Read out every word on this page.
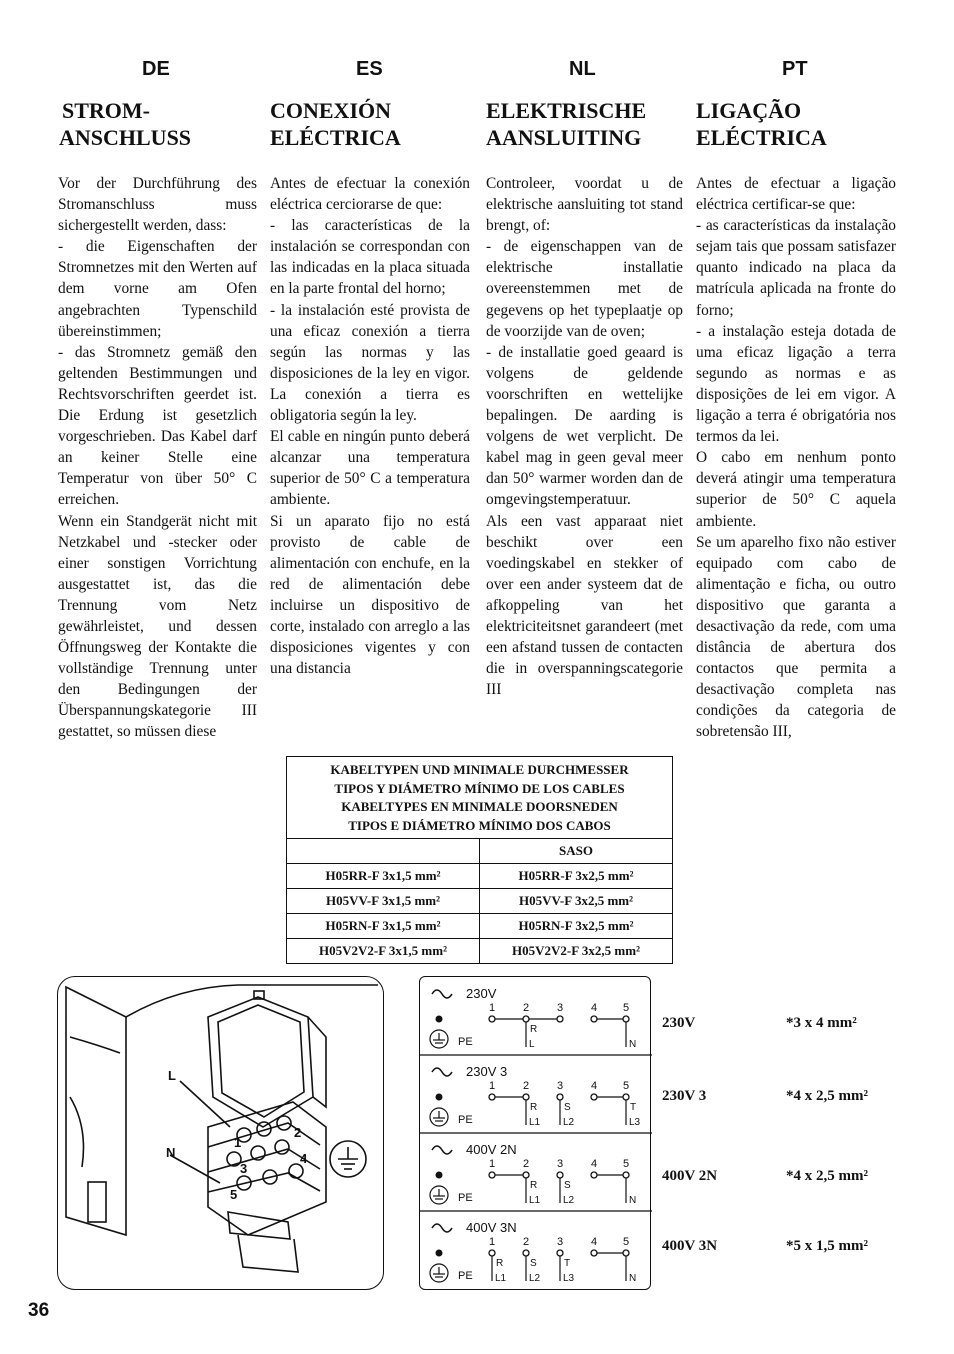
DE	ES	NL	PT
STROM-
ANSCHLUSS
CONEXIÓN
ELÉCTRICA
ELEKTRISCHE
AANSLUITING
LIGAÇÃO
ELÉCTRICA

Vor der Durchführung des Stromanschluss muss sichergestellt werden, dass:

- die Eigenschaften der Stromnetzes mit den Werten auf dem vorne am Ofen angebrachten Typenschild übereinstimmen;

- das Stromnetz gemäß den geltenden Bestimmungen und Rechtsvorschriften geerdet ist. Die Erdung ist gesetzlich vorgeschrieben. Das Kabel darf an keiner Stelle eine Temperatur von über 50° C erreichen.

Wenn ein Standgerät nicht mit Netzkabel und -stecker oder einer sonstigen Vorrichtung ausgestattet ist, das die Trennung vom Netz gewährleistet, und dessen Öffnungsweg der Kontakte die vollständige Trennung unter den Bedingungen der Überspannungskategorie III gestattet, so müssen diese

Antes de efectuar la conexión eléctrica cerciorarse de que:

- las características de la instalación se correspondan con las indicadas en la placa situada en la parte frontal del horno;

- la instalación esté provista de una eficaz conexión a tierra según las normas y las disposiciones de la ley en vigor. La conexión a tierra es obligatoria según la ley.

El cable en ningún punto deberá alcanzar una temperatura superior de 50° C a temperatura ambiente.

Si un aparato fijo no está provisto de cable de alimentación con enchufe, en la red de alimentación debe incluirse un dispositivo de corte, instalado con arreglo a las disposiciones vigentes y con una distancia

Controleer, voordat u de elektrische aansluiting tot stand brengt, of:

- de eigenschappen van de elektrische installatie overeenstemmen met de gegevens op het typeplaatje op de voorzijde van de oven;

- de installatie goed geaard is volgens de geldende voorschriften en wettelijke bepalingen. De aarding is volgens de wet verplicht. De kabel mag in geen geval meer dan 50° warmer worden dan de omgevingstemperatuur.

Als een vast apparaat niet beschikt over een voedingskabel en stekker of over een ander systeem dat de afkoppeling van het elektriciteitsnet garandeert (met een afstand tussen de contacten die in overspanningscategorie III

Antes de efectuar a ligação eléctrica certificar-se que:

- as características da instalação sejam tais que possam satisfazer quanto indicado na placa da matrícula aplicada na fronte do forno;

- a instalação esteja dotada de uma eficaz ligação a terra segundo as normas e as disposições de lei em vigor. A ligação a terra é obrigatória nos termos da lei.

O cabo em nenhum ponto deverá atingir uma temperatura superior de 50° C aquela ambiente.

Se um aparelho fixo não estiver equipado com cabo de alimentação e ficha, ou outro dispositivo que garanta a desactivação da rede, com uma distância de abertura dos contactos que permita a desactivação completa nas condições da categoria de sobretensão III,

KABELTYPEN UND MINIMALE DURCHMESSER
TIPOS Y DIÁMETRO MÍNIMO DE LOS CABLES
KABELTYPES EN MINIMALE DOORSNEDEN
TIPOS E DIÁMETRO MÍNIMO DOS CABOS	

	SASO
H05RR-F 3x1,5 mm²	H05RR-F 3x2,5 mm²
H05VV-F 3x1,5 mm²	H05VV-F 3x2,5 mm²
H05RN-F 3x1,5 mm²	H05RN-F 3x2,5 mm²
H05V2V2-F 3x1,5 mm²	H05V2V2-F 3x2,5 mm²
L
N
1
2
3
4
5
230V
PE
1	2	3	4 5
R
L	N
230V 3
PE
1	2	3	4 5
R
L1
S
L2
T
L3
400V 2N
PE
1	2	3	4 5
R
L1
S
L2	N
400V 3N
PE
1	2	3	4 5
R
L1
S
L2
T
L3	N
230V	*3 x 4 mm²
230V 3	*4 x 2,5 mm²
400V 2N	*4 x 2,5 mm²
400V 3N	*5 x 1,5 mm²
36
